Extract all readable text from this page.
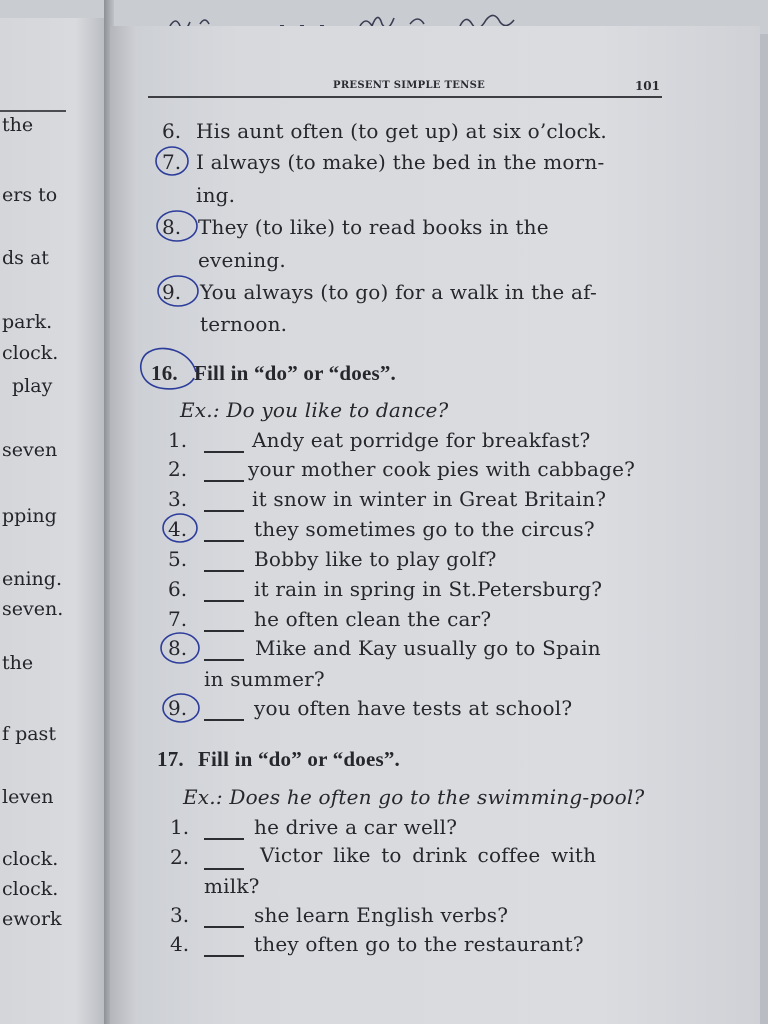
the
ers to
ds at
park.
clock.
play
seven
pping
ening.
seven.
the
f past
leven
clock.
clock.
ework
PRESENT SIMPLE TENSE	101
6. His aunt often (to get up) at six o’clock.
7. I always (to make) the bed in the morn-
ing.
8. They (to like) to read books in the
evening.
9. You always (to go) for a walk in the af-
ternoon.
16. Fill in “do” or “does”.
Ex.: Do you like to dance?
1.	Andy eat porridge for breakfast?
2.	your mother cook pies with cabbage?
3.	it snow in winter in Great Britain?
4.	they sometimes go to the circus?
5.	Bobby like to play golf?
6.	it rain in spring in St.Petersburg?
7.	he often clean the car?
8.	Mike and Kay usually go to Spain
in summer?
9.	you often have tests at school?
17. Fill in “do” or “does”.
Ex.: Does he often go to the swimming-pool?
1.	he drive a car well?
2.	Victor like to drink coffee with
milk?
3.	she learn English verbs?
4.	they often go to the restaurant?
